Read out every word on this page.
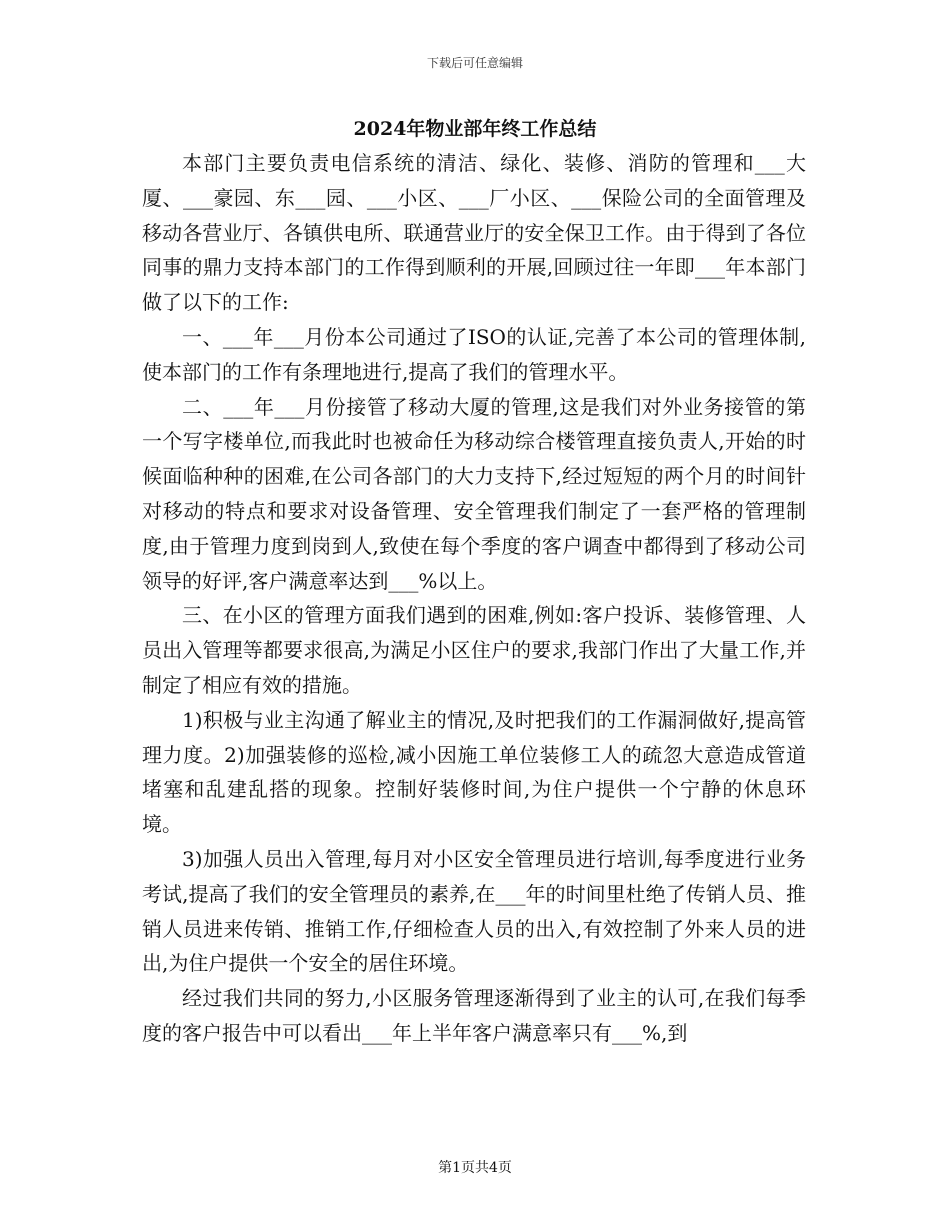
下载后可任意编辑
2024年物业部年终工作总结

本部门主要负责电信系统的清洁、绿化、装修、消防的管理和___大厦、___豪园、东___园、___小区、___厂小区、___保险公司的全面管理及移动各营业厅、各镇供电所、联通营业厅的安全保卫工作。由于得到了各位同事的鼎力支持本部门的工作得到顺利的开展,回顾过往一年即___年本部门做了以下的工作:

一、___年___月份本公司通过了ISO的认证,完善了本公司的管理体制,使本部门的工作有条理地进行,提高了我们的管理水平。

二、___年___月份接管了移动大厦的管理,这是我们对外业务接管的第一个写字楼单位,而我此时也被命任为移动综合楼管理直接负责人,开始的时候面临种种的困难,在公司各部门的大力支持下,经过短短的两个月的时间针对移动的特点和要求对设备管理、安全管理我们制定了一套严格的管理制度,由于管理力度到岗到人,致使在每个季度的客户调查中都得到了移动公司领导的好评,客户满意率达到___%以上。

三、在小区的管理方面我们遇到的困难,例如:客户投诉、装修管理、人员出入管理等都要求很高,为满足小区住户的要求,我部门作出了大量工作,并制定了相应有效的措施。

1)积极与业主沟通了解业主的情况,及时把我们的工作漏洞做好,提高管理力度。2)加强装修的巡检,减小因施工单位装修工人的疏忽大意造成管道堵塞和乱建乱搭的现象。控制好装修时间,为住户提供一个宁静的休息环境。

3)加强人员出入管理,每月对小区安全管理员进行培训,每季度进行业务考试,提高了我们的安全管理员的素养,在___年的时间里杜绝了传销人员、推销人员进来传销、推销工作,仔细检查人员的出入,有效控制了外来人员的进出,为住户提供一个安全的居住环境。

经过我们共同的努力,小区服务管理逐渐得到了业主的认可,在我们每季度的客户报告中可以看出___年上半年客户满意率只有___%,到

第1页共4页
